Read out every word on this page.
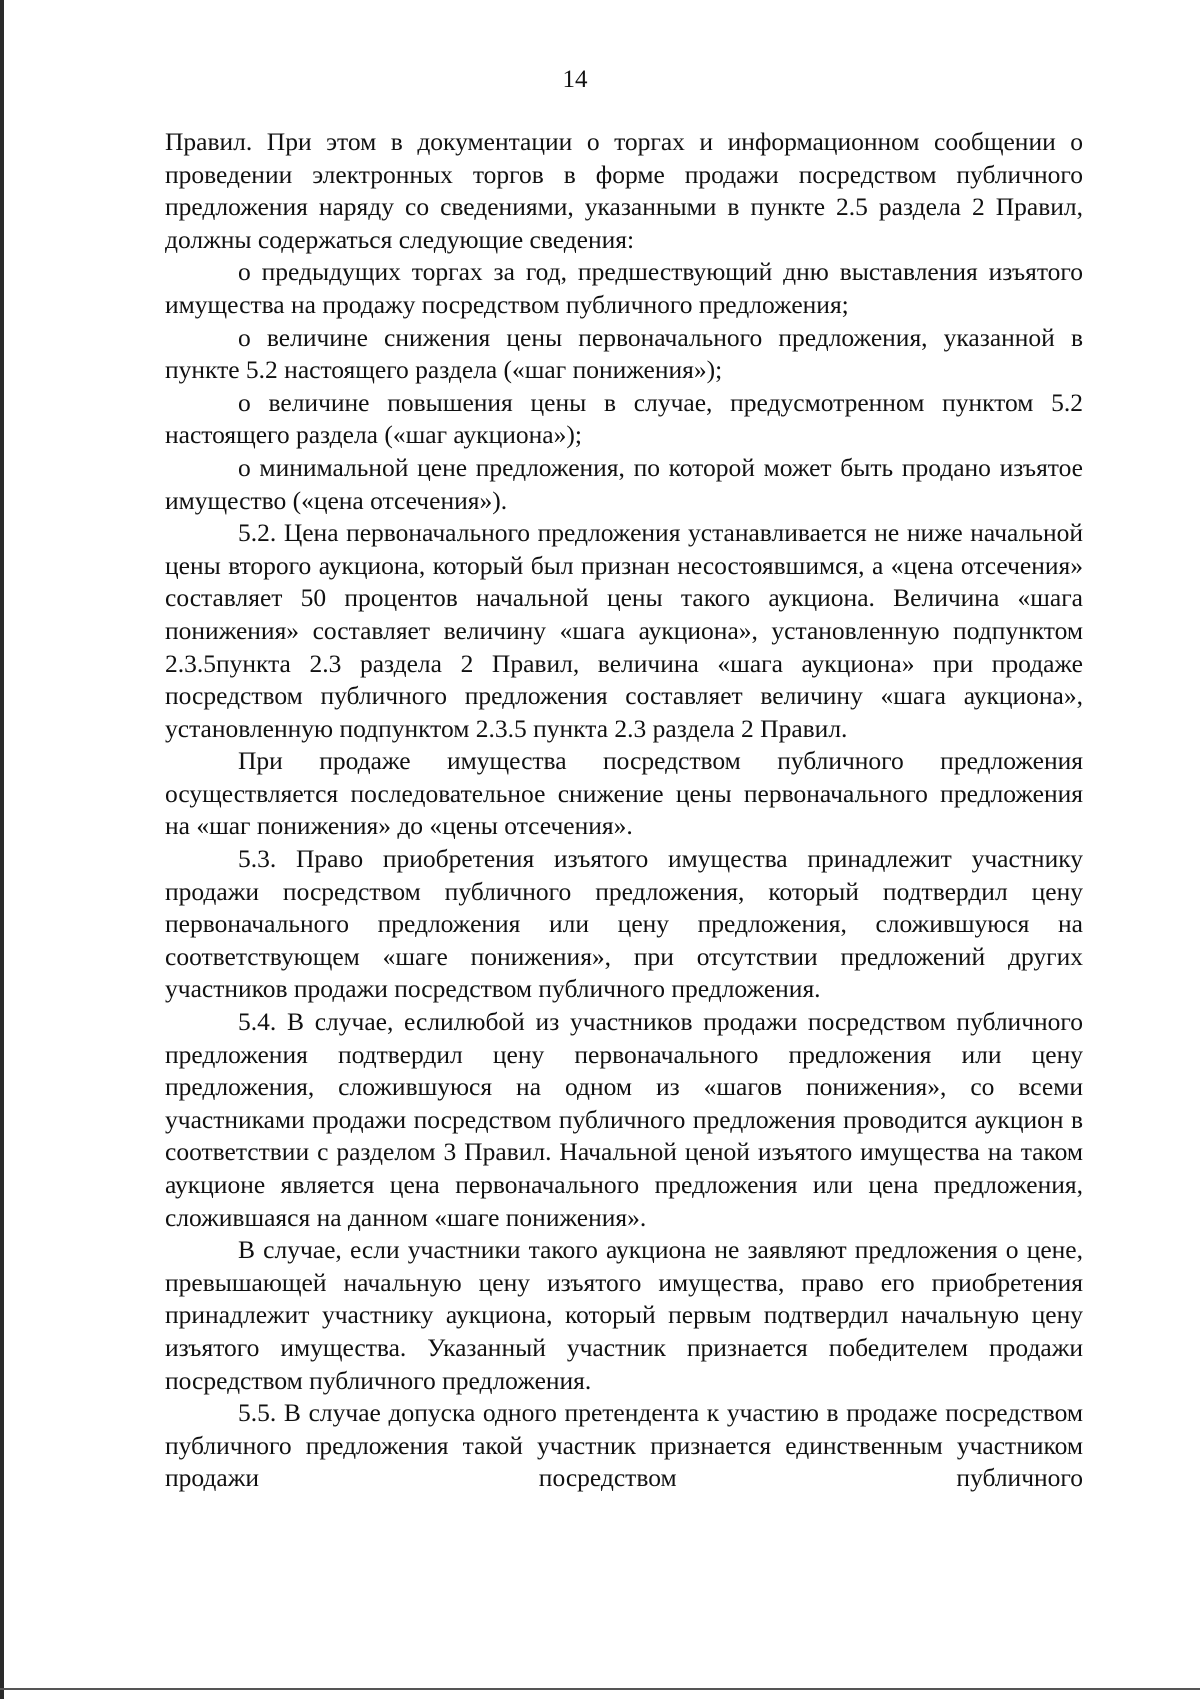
14

Правил. При этом в документации о торгах и информационном сообщении о проведении электронных торгов в форме продажи посредством публичного предложения наряду со сведениями, указанными в пункте 2.5 раздела 2 Правил, должны содержаться следующие сведения:

о предыдущих торгах за год, предшествующий дню выставления изъятого имущества на продажу посредством публичного предложения;

о величине снижения цены первоначального предложения, указанной в пункте 5.2 настоящего раздела («шаг понижения»);

о величине повышения цены в случае, предусмотренном пунктом 5.2 настоящего раздела («шаг аукциона»);

о минимальной цене предложения, по которой может быть продано изъятое имущество («цена отсечения»).

5.2. Цена первоначального предложения устанавливается не ниже начальной цены второго аукциона, который был признан несостоявшимся, а «цена отсечения» составляет 50 процентов начальной цены такого аукциона. Величина «шага понижения» составляет величину «шага аукциона», установленную подпунктом 2.3.5пункта 2.3 раздела 2 Правил, величина «шага аукциона» при продаже посредством публичного предложения составляет величину «шага аукциона», установленную подпунктом 2.3.5 пункта 2.3 раздела 2 Правил.

При продаже имущества посредством публичного предложения осуществляется последовательное снижение цены первоначального предложения на «шаг понижения» до «цены отсечения».

5.3. Право приобретения изъятого имущества принадлежит участнику продажи посредством публичного предложения, который подтвердил цену первоначального предложения или цену предложения, сложившуюся на соответствующем «шаге понижения», при отсутствии предложений других участников продажи посредством публичного предложения.

5.4. В случае, еслилюбой из участников продажи посредством публичного предложения подтвердил цену первоначального предложения или цену предложения, сложившуюся на одном из «шагов понижения», со всеми участниками продажи посредством публичного предложения проводится аукцион в соответствии с разделом 3 Правил. Начальной ценой изъятого имущества на таком аукционе является цена первоначального предложения или цена предложения, сложившаяся на данном «шаге понижения».

В случае, если участники такого аукциона не заявляют предложения о цене, превышающей начальную цену изъятого имущества, право его приобретения принадлежит участнику аукциона, который первым подтвердил начальную цену изъятого имущества. Указанный участник признается победителем продажи посредством публичного предложения.

5.5. В случае допуска одного претендента к участию в продаже посредством публичного предложения такой участник признается единственным участником продажи посредством публичного
